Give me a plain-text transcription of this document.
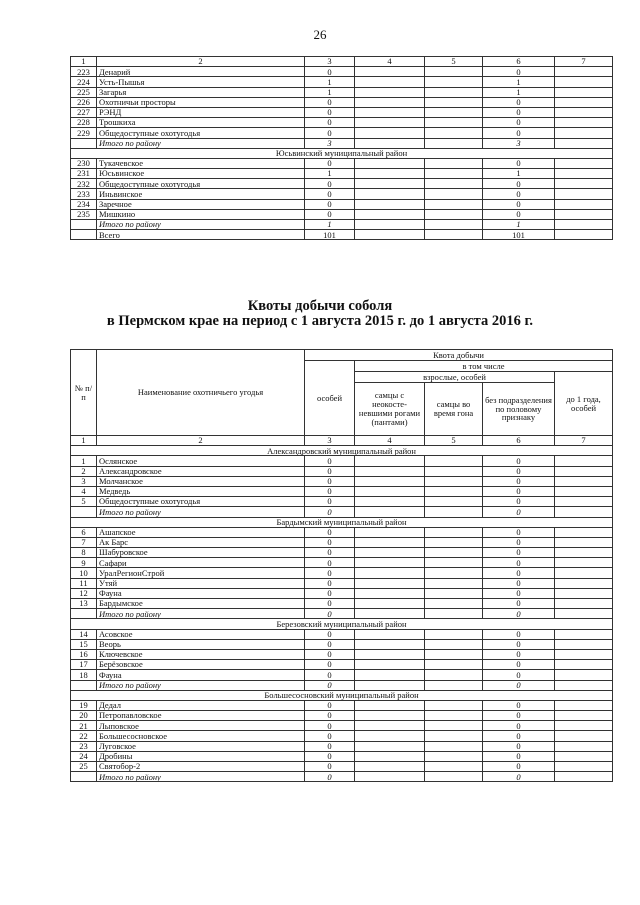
26
1	2	3	4	5	6	7
223	Денарий	0			0	
224	Усть-Пышья	1			1	
225	Загарья	1			1	
226	Охотничьи просторы	0			0	
227	РЭНД	0			0	
228	Трошкиха	0			0	
229	Общедоступные охотугодья	0			0	
	Итого по району	3			3	
Юсьвинский муниципальный район						
230	Тукачевское	0			0	
231	Юсьвинское	1			1	
232	Общедоступные охотугодья	0			0	
233	Иньвинское	0			0	
234	Заречное	0			0	
235	Мишкино	0			0	
	Итого по району	1			1	
	Всего	101			101	
Квоты добычи соболя
в Пермском крае на период с 1 августа 2015 г. до 1 августа 2016 г.
№ п/п	Наименование охотничьего угодья	Квота добычи				
		особей	в том числе			
			взрослые, особей			до 1 года, особей
			самцы с неокосте-невшими рогами (пантами)	самцы во время гона	без подразделения по половому признаку	
1	2	3	4	5	6	7
Александровский муниципальный район						
1	Ослянское	0			0	
2	Александровское	0			0	
3	Молчанское	0			0	
4	Медведь	0			0	
5	Общедоступные охотугодья	0			0	
	Итого по району	0			0	
Бардымский муниципальный район						
6	Ашапское	0			0	
7	Ак Барс	0			0	
8	Шабуровское	0			0	
9	Сафари	0			0	
10	УралРегионСтрой	0			0	
11	Утяй	0			0	
12	Фауна	0			0	
13	Бардымское	0			0	
	Итого по району	0			0	
Березовский муниципальный район						
14	Асовское	0			0	
15	Веорь	0			0	
16	Ключевское	0			0	
17	Берёзовское	0			0	
18	Фауна	0			0	
	Итого по району	0			0	
Большесосновский муниципальный район						
19	Дедал	0			0	
20	Петропавловское	0			0	
21	Лыповское	0			0	
22	Большесосновское	0			0	
23	Луговское	0			0	
24	Дробины	0			0	
25	Святобор-2	0			0	
	Итого по району	0			0	
